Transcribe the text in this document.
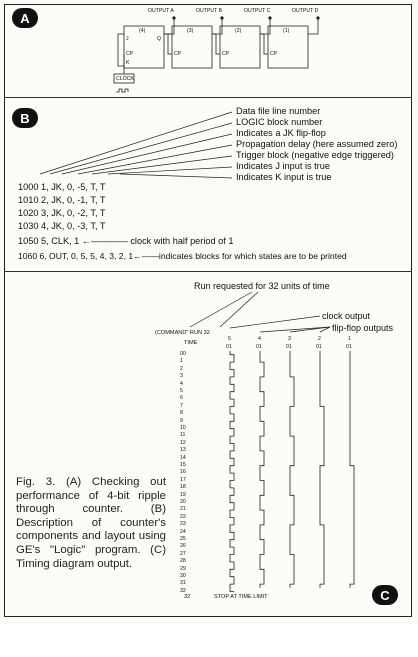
A	OUTPUT A	OUTPUT B	OUTPUT C	OUTPUT D
(4)	(3)	(2)	(1)
J
CP
K
Q
CP	CP	CP
CLOCK
B	Data file line number
LOGIC block number
Indicates a JK flip-flop
Propagation delay (here assumed zero)
Trigger block (negative edge triggered)
Indicates J input is true
Indicates K input is true
1000 1, JK, 0, -5, T, T
1010 2, JK, 0, -1, T, T
1020 3, JK, 0, -2, T, T
1030 4, JK, 0, -3, T, T
1050 5, CLK, 1 ←———— clock with half period of 1
1060 6, OUT, 0, 5, 5, 4, 3, 2, 1←——indicates blocks for which states are to be printed
Run requested for 32 units of time
clock output
flip-flop outputs
(COMMAND" RUN 32
TIME
5	4	3	2	1
01	01	01	01	01
00
1
2
3
4
5
6
7
8
9
10
11
12
13
14
15
16
17
18
19
20
21
22
23
24
25
26
27
28
29
30
31
32
STOP AT TIME LIMIT
32
Fig. 3. (A) Checking out performance of 4-bit ripple through counter. (B) Description of counter's components and layout using GE's "Logic" program. (C) Timing diagram output.
C
